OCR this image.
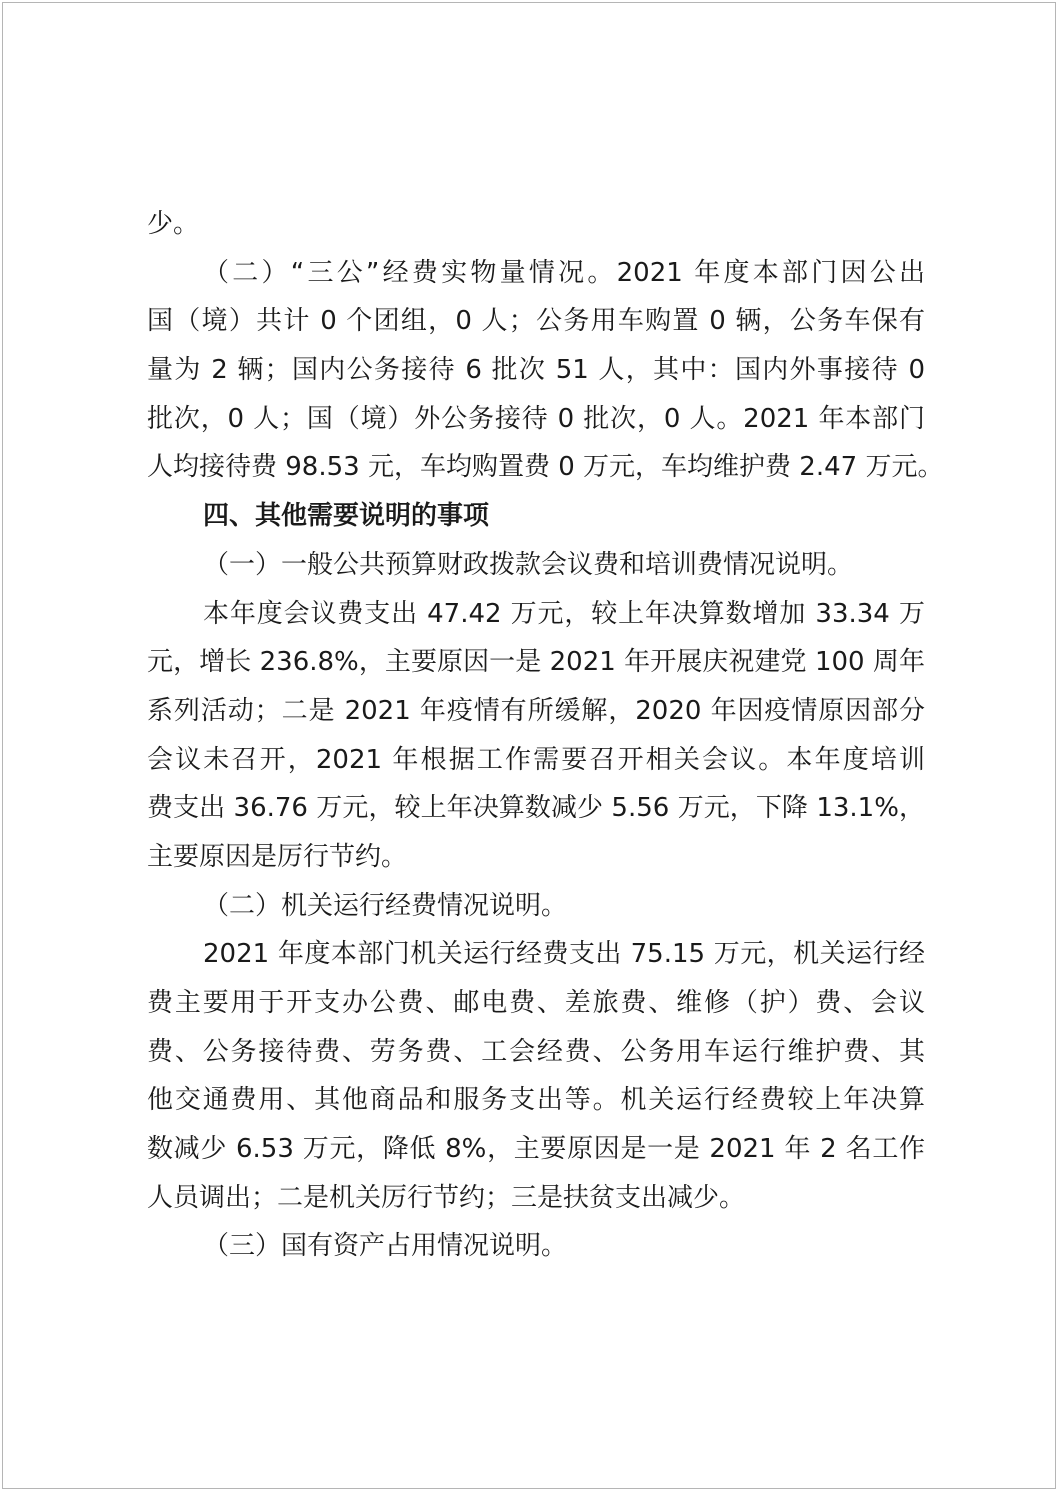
少。
（二）“三公”经费实物量情况。2021 年度本部门因公出
国（境）共计 0 个团组，0 人；公务用车购置 0 辆，公务车保有
量为 2 辆；国内公务接待 6 批次 51 人，其中：国内外事接待 0
批次，0 人；国（境）外公务接待 0 批次，0 人。2021 年本部门
人均接待费 98.53 元，车均购置费 0 万元，车均维护费 2.47 万元。
四、其他需要说明的事项
（一）一般公共预算财政拨款会议费和培训费情况说明。
本年度会议费支出 47.42 万元，较上年决算数增加 33.34 万
元，增长 236.8%，主要原因一是 2021 年开展庆祝建党 100 周年
系列活动；二是 2021 年疫情有所缓解，2020 年因疫情原因部分
会议未召开，2021 年根据工作需要召开相关会议。本年度培训
费支出 36.76 万元，较上年决算数减少 5.56 万元，下降 13.1%，
主要原因是厉行节约。
（二）机关运行经费情况说明。
2021 年度本部门机关运行经费支出 75.15 万元，机关运行经
费主要用于开支办公费、邮电费、差旅费、维修（护）费、会议
费、公务接待费、劳务费、工会经费、公务用车运行维护费、其
他交通费用、其他商品和服务支出等。机关运行经费较上年决算
数减少 6.53 万元，降低 8%，主要原因是一是 2021 年 2 名工作
人员调出；二是机关厉行节约；三是扶贫支出减少。
（三）国有资产占用情况说明。
